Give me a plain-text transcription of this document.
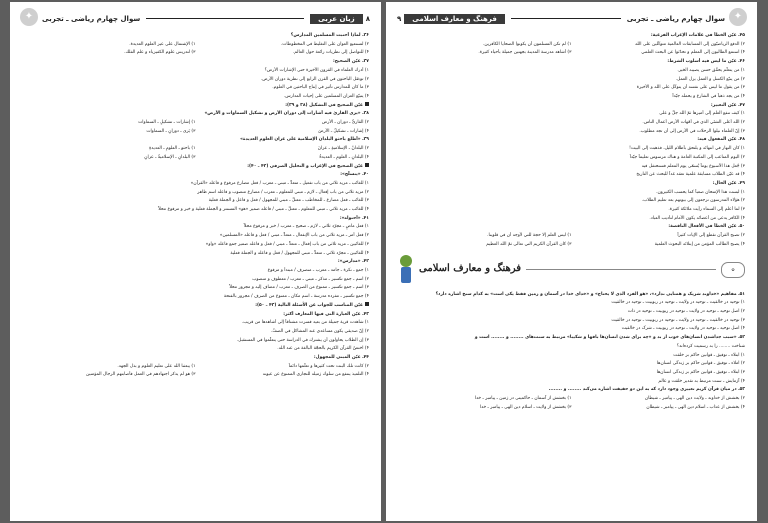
✦	سوال چهارم ریاضی ـ تجربی	زبان عربی	۸
۳۶ـ لماذا أحتبت المسلمين المدارس؟
۲) لتستعیع العوان على التغلیظ في المخطوطات.
۱) الإشتمال على عیز العلوم العدیدة.
۴) للتواصل إلى نظریات رائعة حول العالم.
۳) لتدریس علوم الكفیزیاء و علم الفلك.
۳۷ـ عیّن الصحیح:
۱) أدرك العلماء في القرون الأخیرة حتی الإشارات الأرض؟
۲) توصّل الباحثون في القرن الرابع إلی نظریة دوران الأرض.
۳) ما كان للمدارس تأثیر في إنتاج الباحثین في العلوم.
۴) یتبیّع العزان المسلمین على إحیات المدارس.
عیّن الصحیح في التشکیل (۳۸ و ۳۹):
۳۸ـ «یرى القارئ فیه أشارات إلی دوران الأرض و تشکیل السماوات و الأرض»
۲) القارئُ ـ دوران ـ الأرض
۱) إشارات ـ تشکیلِ ـ السماوات
۴) إشارات ـ تشکیلُ ـ الأرضَ
۳) یَرى ـ دورانِ ـ السماوات
۳۹ـ «أطلع باحثو البلدان الإسلامیة على عزان العلوم العدیدة»
۲) البلدانُ ـ الإسلامیةِ ـ عزانَ
۱) باحثو ـ العلومِ ـ العدیدةِ
۴) البلدانِ ـ العلومِ ـ العدیدةُ
۳) البلدانِ ـ الإسلامیةُ ـ عزانِ
عیّن الصحیح في الإعراب و التحلیل الصرفي (۴۲ ـ ۴۰):
۴۰ـ «یتسلّح»:
۱) للغائب ـ مزید ثلاثي من باب تفعیل ـ متعدٍّ ـ مبني ـ معرب / فعل مضارع مرفوع و فاعله «القرآن»
۲) مزید ثلاثي من باب إفعال ـ لازم ـ مبني للمعلوم ـ معرب / مضارع منصوب و فاعله اسم ظاهر
۳) للغائب ـ فعل مضارع ـ للمخاطب ـ معتلّ ـ مبني للمجهول / فعل و فاعل و الجملة فعلیة
۴) للغائب ـ مزید ثلاثي ـ مبني للمعلوم ـ معتلّ ـ مبني / فاعله ضمیر «هو» المستتر و الجملة فعلیة و خبر و مرفوع محلاً
۴۱ـ «أحتواه»:
۱) فعل ماضٍ ـ مجرّد ثلاثي ـ لازم ـ صحیح ـ معرب / خبر و مرفوع محلاً
۲) فعل أمر ـ مزید ثلاثي من باب الإنفعال ـ متعدٍّ ـ مبني / فعل و فاعله «المسلمین»
۳) للغائبین ـ مزید ثلاثي من باب إفعال ـ متعدٍّ ـ مبني / فعل و فاعله ضمیر جمع فاعله «واو»
۴) للغائبین ـ مجرّد ثلاثي ـ متعدٍّ ـ مبني للمجهول / فعل و فاعله و الجملة فعلیة
۴۲ـ «مدارس»:
۱) جمع ـ نكرة ـ جامد ـ معرب ـ منصرف / مبتدأ و مرفوع
۲) اسم ـ جمع تكسیر ـ مذكر ـ مبني ـ معرب / معطوف و منصوب
۳) اسم ـ جمع تكسیر ـ ممنوع من الصرف ـ معرب / مضاف إلیه و مجرور محلاً
۴) جمع تكسیر ـ مفرده مدرسة ـ اسم مكان ـ ممنوع من الصرف / مجرور بالفتحة
عیّن المناسب للجواب عن الأسئلة التالیة (۴۳ ـ ۵۰):
۴۳ـ عیّن العبارة التي فیها المعارف أكثر:
۱) شاهدت قریة جمیلة من بعید فسرت مشتاقاً إلی أشاهدها من قریب.
۲) إنّ صدیقي یكون مساعدي عند المشاكل في الصفّ.
۳) إن الطلاب یحاولون أن یشترك في الدراسة حتی یتعلّموا في المستقبل.
۴) اختصّ القرآن الكریم بالحجّة البالغة من عند الله.
۴۴ـ عیّن المبني للمجهول:
۲) كانت تلك البنت تحت كثیرها و تعلّمها دائماً
۱) یبعثنا الله علی تعلیم العلوم و بذل الجهد.
۴) التلمیذ ینتفع من سلوك زمیله للتجاري الممنوع عن عیونه
۳) هو لم یذکر اجتهادهم في العمل فأصابتهم الرجال المؤمنین
✦
۹	فرهنگ و معارف اسلامی	سوال چهارم ریاضی ـ تجربی
۴۵ـ عیّن الخطأ في علامات الإعراب الفرعیة:
۲) الدفع الریاضیّون إلی المسابقات العالمیة متوكّلین على الله
۱) لم تكن المسلمون أن یكونوا الضحایا الكافرین.
۴) استمع الطالبون إلی المعلم و تحدّثوا عن البحث العلمي
۳) أشاهد مدرسة المدینة بجهتین جمیلة بأحیاء كثیرة.
۴۶ـ عیّن ما لیس فیه أسلوب الشرط:
۱) من یتعلّم یحقّق حسن یصیبه الخیر.
۲) من ینبّع الكسل و العمل یزل العمل.
۳) من یقول ما لیس على نفسه أن یتوكّل على الله و الأخیرة
۴) من یجد ذهباً في الشارع و یحمله جیّداً
۴۷ـ عیّن التعبیر:
۱) كیف تنفع العلم إلی أمیرها ثمّ الله جلّ و علی
۲) الله أعلى الشئي الذي في أمّهات الأرض أعمال الناس.
۳) إنّ العلماء نیلوا الرحلات في الأرض إلی أن تجد مطلوب.
۴۸ـ عیّن المفعول فیه:
۱) كان النهار في انتهائه و یلتحق بأظلام اللیل، فذهبت إلی البیت!
۲) الیوم المتاعب إلی المكتبة العامة و هناك مرسوس تعلیماً جیّداً
۳) جُعل هذا الأسبوع یوماً یُسمّى یوم المعلم فستحتفل فیه
۴) قد عیّن الطلاب مسابقة علمیة تعقد غداً للبحث عن التاریخ
۴۹ـ عیّن الحال:
۱) لبست هذا الإمتحان صعباً كما یحسب الكثیرون.
۲) هؤلاء المدرسون ترجعون إلی بیوتهم بعد تعلیم الطلاب.
۳) لما أعلم إلی السماء رأیت ملائكة كثیرة.
۴) الكافر یدعی من أعضائه یكون الأمام لتأدیب العباد.
۵۰ـ عیّن الخطأ في الأفعال الناقصة:
۲) تصبح القرآن تقطع إلى الإیات كثیراً
۱) لیس العلم إلا حجة للتي لأوجه أن في قلوبنا.
۴) یصبح الطالب المؤمن من إبتلائه البحوث العلمیة
۳) كان القرآن الكریم التي تعالی ثمّ الله العظیم
✿
فرهنگ و معارف اسلامی
۵۱ـ مفاهیم «خداوند شریک و همتایی ندارد»، «هو الفرد الذی لا یحتاج» و «خدای خدا در آسمان و زمین فقط یکی است» به کدام سنخ اشاره دارد؟
۱) توحید در خالقیت ـ توحید در ولایت ـ توحید در ربوبیت ـ توحید در خالقیت
۲) اصل توحید ـ توحید در ولایت ـ توحید در ربوبیت ـ توحید در ذات
۳) توحید در خالقیت ـ توحید در ولایت ـ توحید در ربوبیت ـ توحید در خالقیت
۴) اصل توحید ـ توحید در ولایت ـ توحید در ربوبیت ـ شرک در خالقیت
۵۲ـ «سبب جداشدن انسان‌های خوب از بد و «چه برای شدن انسان‌ها بافها و شکیبا» مرتبط به سنت‌های ........ و ........ است و
شناخت ........ را به رسمیت کرده‌اند؟
۱) ابتلاء ـ توفیق ـ قوانین حاکم بر خلقت
۲) املاء ـ توفیق ـ قوانین حاکم بر زندگی انسان‌ها
۳) ابتلاء ـ توفیق ـ قوانین حاکم بر زندگی انسان‌ها
۴) آزمایش ـ سنت مرتبط به تقدیر خلقت و عالم
۵۳ـ در میان قرآن کریم تعبیری وجود دارد که به این دو حقیقت اشاره می‌کند ........ و ........
۲) بخشش از خداوند ـ ولایت دین الهی ـ پیامبر ـ شیطان
۱) بخشش از آسمان ـ حاکمیتی در زمین ـ پیامبر ـ خدا
۴) بخشش از عذاب ـ اسلام دین الهی ـ پیامبر ـ شیطان
۳) بخشش از ولایت ـ اسلام دین الهی ـ پیامبر ـ خدا
